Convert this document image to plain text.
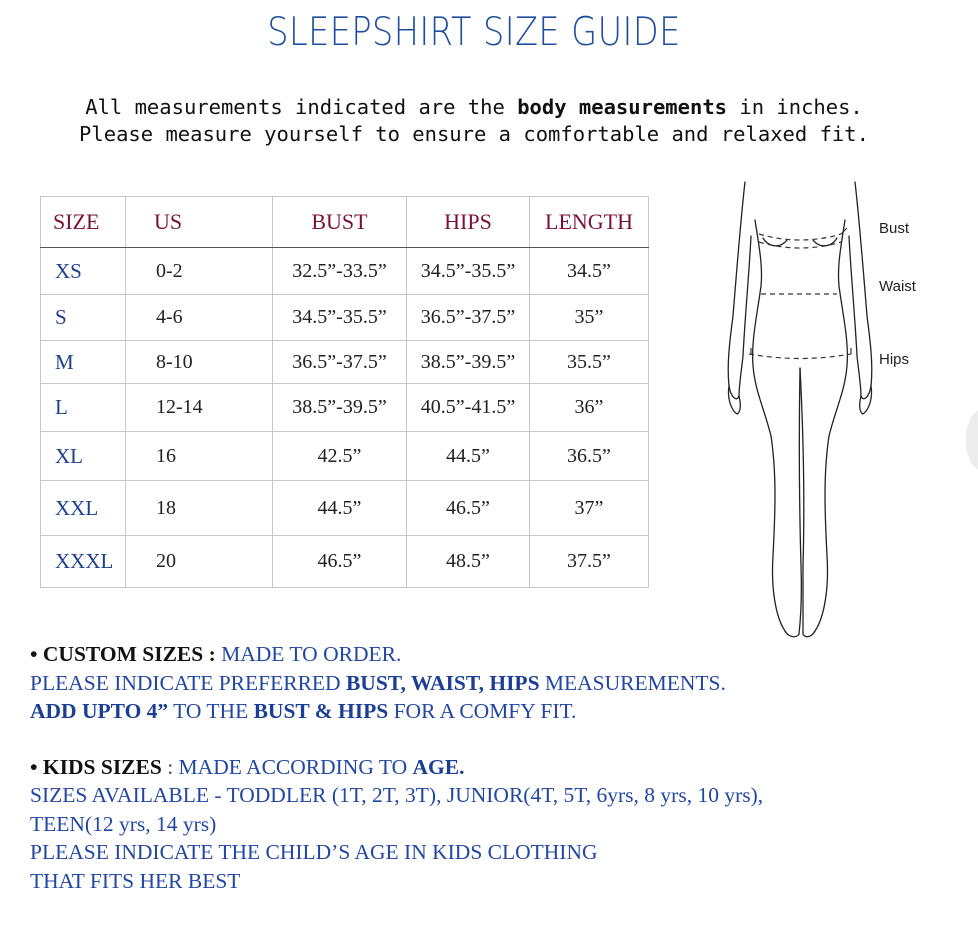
SLEEPSHIRT SIZE GUIDE
All measurements indicated are the body measurements in inches.
Please measure yourself to ensure a comfortable and relaxed fit.
SIZE	US	BUST	HIPS	LENGTH
XS	0-2	32.5”-33.5”	34.5”-35.5”	34.5”
S	4-6	34.5”-35.5”	36.5”-37.5”	35”
M	8-10	36.5”-37.5”	38.5”-39.5”	35.5”
L	12-14	38.5”-39.5”	40.5”-41.5”	36”
XL	16	42.5”	44.5”	36.5”
XXL	18	44.5”	46.5”	37”
XXXL	20	46.5”	48.5”	37.5”
Bust
Waist
Hips

• CUSTOM SIZES : MADE TO ORDER.

PLEASE INDICATE PREFERRED BUST, WAIST, HIPS MEASUREMENTS.

ADD UPTO 4” TO THE BUST & HIPS FOR A COMFY FIT.

• KIDS SIZES : MADE ACCORDING TO AGE.

SIZES AVAILABLE - TODDLER (1T, 2T, 3T), JUNIOR(4T, 5T, 6yrs, 8 yrs, 10 yrs),

TEEN(12 yrs, 14 yrs)

PLEASE INDICATE THE CHILD’S AGE IN KIDS CLOTHING

THAT FITS HER BEST
